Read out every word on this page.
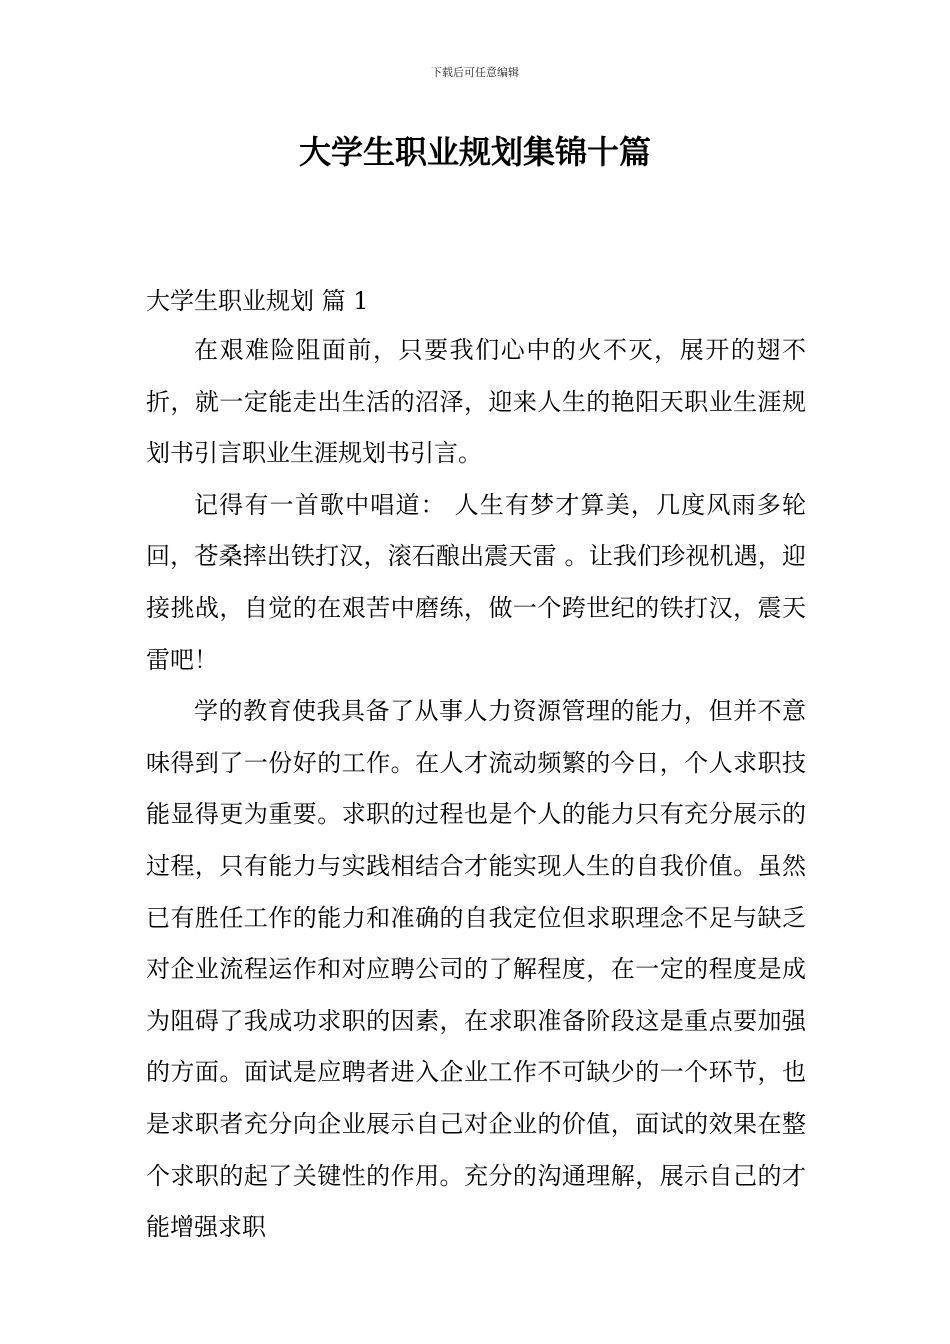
下载后可任意编辑
大学生职业规划集锦十篇

大学生职业规划 篇 1

在艰难险阻面前，只要我们心中的火不灭，展开的翅不折，就一定能走出生活的沼泽，迎来人生的艳阳天职业生涯规划书引言职业生涯规划书引言。

记得有一首歌中唱道： 人生有梦才算美，几度风雨多轮回，苍桑摔出铁打汉，滚石酿出震天雷 。让我们珍视机遇，迎接挑战，自觉的在艰苦中磨练，做一个跨世纪的铁打汉，震天雷吧！

学的教育使我具备了从事人力资源管理的能力，但并不意味得到了一份好的工作。在人才流动频繁的今日，个人求职技能显得更为重要。求职的过程也是个人的能力只有充分展示的过程，只有能力与实践相结合才能实现人生的自我价值。虽然已有胜任工作的能力和准确的自我定位但求职理念不足与缺乏对企业流程运作和对应聘公司的了解程度，在一定的程度是成为阻碍了我成功求职的因素，在求职准备阶段这是重点要加强的方面。面试是应聘者进入企业工作不可缺少的一个环节，也是求职者充分向企业展示自己对企业的价值，面试的效果在整个求职的起了关键性的作用。充分的沟通理解，展示自己的才能增强求职
